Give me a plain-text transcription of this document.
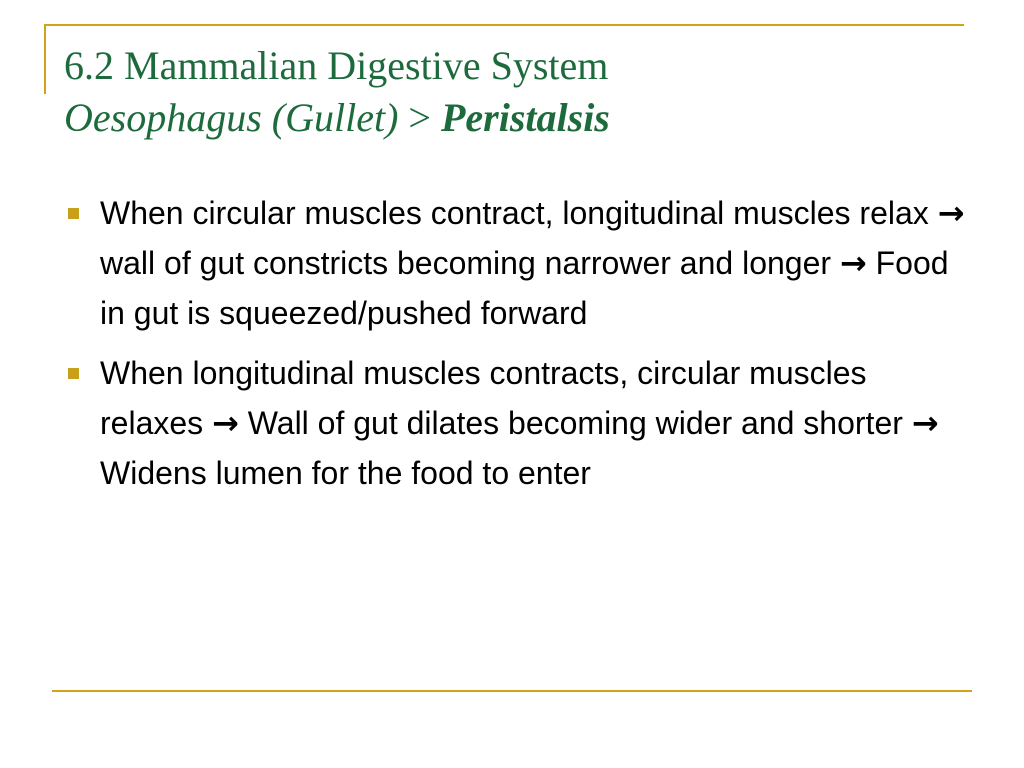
6.2 Mammalian Digestive System
Oesophagus (Gullet) > Peristalsis
When circular muscles contract, longitudinal muscles relax → wall of gut constricts becoming narrower and longer → Food in gut is squeezed/pushed forward
When longitudinal muscles contracts, circular muscles relaxes → Wall of gut dilates becoming wider and shorter → Widens lumen for the food to enter
